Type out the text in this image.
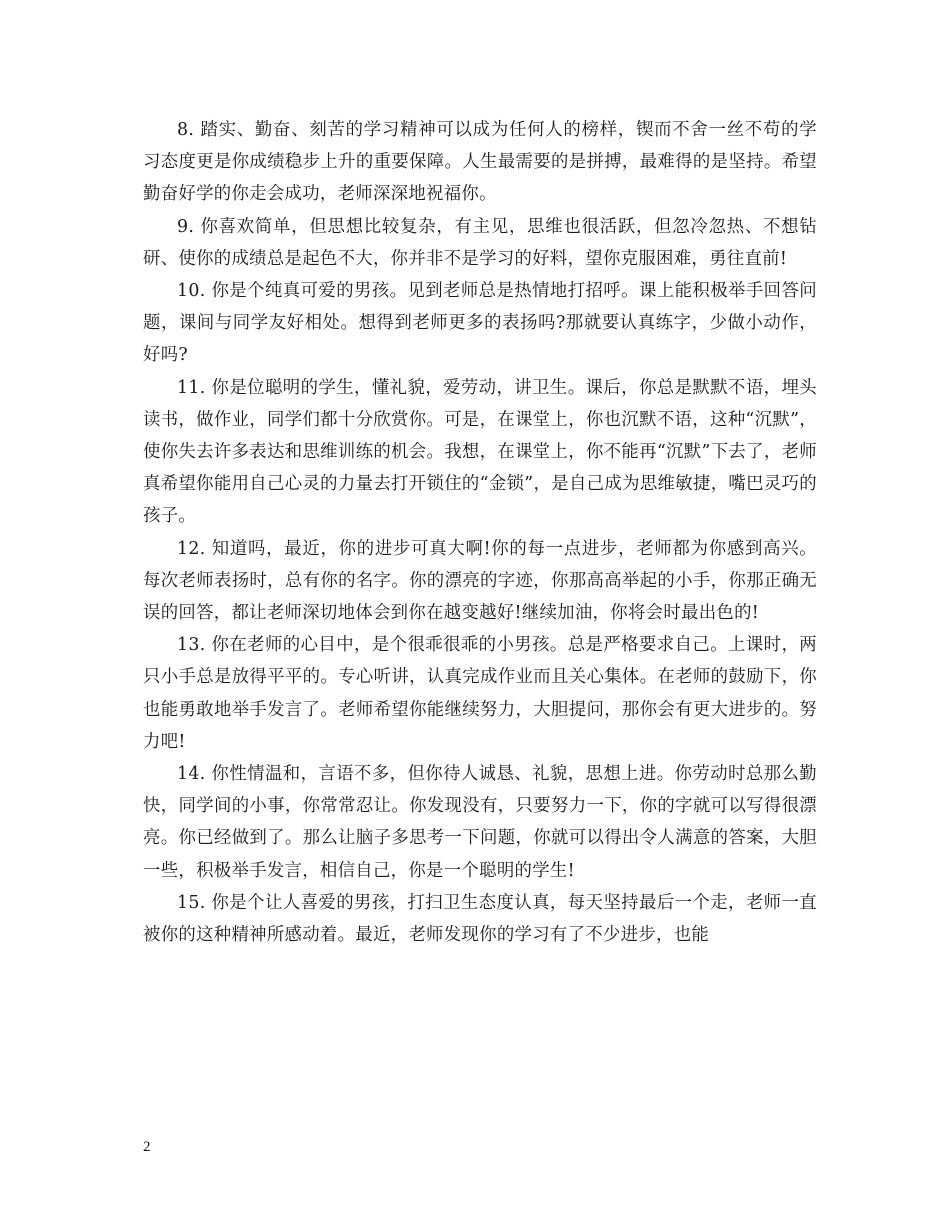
8. 踏实、勤奋、刻苦的学习精神可以成为任何人的榜样，锲而不舍一丝不苟的学习态度更是你成绩稳步上升的重要保障。人生最需要的是拼搏，最难得的是坚持。希望勤奋好学的你走会成功，老师深深地祝福你。

9. 你喜欢简单，但思想比较复杂，有主见，思维也很活跃，但忽冷忽热、不想钻研、使你的成绩总是起色不大，你并非不是学习的好料，望你克服困难，勇往直前!

10. 你是个纯真可爱的男孩。见到老师总是热情地打招呼。课上能积极举手回答问题，课间与同学友好相处。想得到老师更多的表扬吗?那就要认真练字，少做小动作，好吗?

11. 你是位聪明的学生，懂礼貌，爱劳动，讲卫生。课后，你总是默默不语，埋头读书，做作业，同学们都十分欣赏你。可是，在课堂上，你也沉默不语，这种“沉默”，使你失去许多表达和思维训练的机会。我想，在课堂上，你不能再“沉默”下去了，老师真希望你能用自己心灵的力量去打开锁住的“金锁”，是自己成为思维敏捷，嘴巴灵巧的孩子。

12. 知道吗，最近，你的进步可真大啊!你的每一点进步，老师都为你感到高兴。每次老师表扬时，总有你的名字。你的漂亮的字迹，你那高高举起的小手，你那正确无误的回答，都让老师深切地体会到你在越变越好!继续加油，你将会时最出色的!

13. 你在老师的心目中，是个很乖很乖的小男孩。总是严格要求自己。上课时，两只小手总是放得平平的。专心听讲，认真完成作业而且关心集体。在老师的鼓励下，你也能勇敢地举手发言了。老师希望你能继续努力，大胆提问，那你会有更大进步的。努力吧!

14. 你性情温和，言语不多，但你待人诚恳、礼貌，思想上进。你劳动时总那么勤快，同学间的小事，你常常忍让。你发现没有，只要努力一下，你的字就可以写得很漂亮。你已经做到了。那么让脑子多思考一下问题，你就可以得出令人满意的答案，大胆一些，积极举手发言，相信自己，你是一个聪明的学生!

15. 你是个让人喜爱的男孩，打扫卫生态度认真，每天坚持最后一个走，老师一直被你的这种精神所感动着。最近，老师发现你的学习有了不少进步，也能

2
